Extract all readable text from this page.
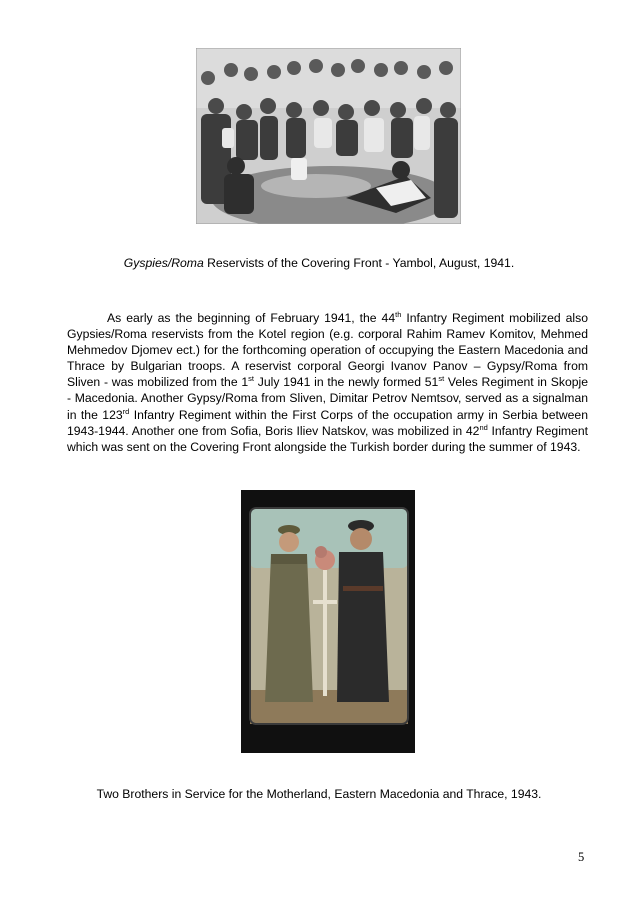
Gyspies/Roma Reservists of the Covering Front - Yambol, August, 1941.

As early as the beginning of February 1941, the 44th Infantry Regiment mobilized also Gypsies/Roma reservists from the Kotel region (e.g. corporal Rahim Ramev Komitov, Mehmed Mehmedov Djomev ect.) for the forthcoming operation of occupying the Eastern Macedonia and Thrace by Bulgarian troops. A reservist corporal Georgi Ivanov Panov – Gypsy/Roma from Sliven - was mobilized from the 1st July 1941 in the newly formed 51st Veles Regiment in Skopje - Macedonia. Another Gypsy/Roma from Sliven, Dimitar Petrov Nemtsov, served as a signalman in the 123rd Infantry Regiment within the First Corps of the occupation army in Serbia between 1943-1944. Another one from Sofia, Boris Iliev Natskov, was mobilized in 42nd Infantry Regiment which was sent on the Covering Front alongside the Turkish border during the summer of 1943.

Two Brothers in Service for the Motherland, Eastern Macedonia and Thrace, 1943.
5
